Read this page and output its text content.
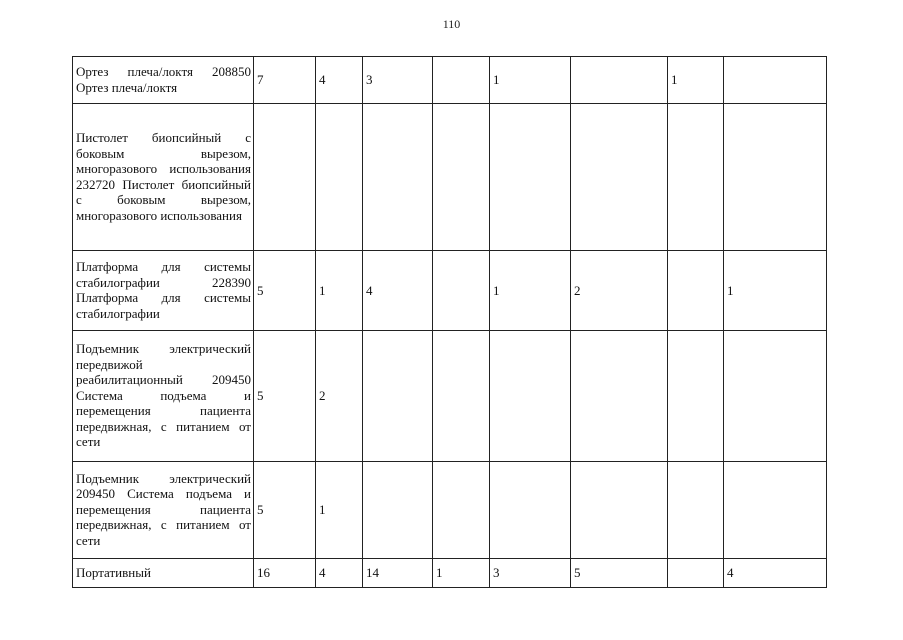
110
Ортез плеча/локтя 208850 Ортез плеча/локтя	7	4	3		1		1	
Пистолет биопсийный с боковым вырезом, многоразового использования 232720 Пистолет биопсийный с боковым вырезом, многоразового использования								
Платформа для системы стабилографии 228390 Платформа для системы стабилографии	5	1	4		1	2		1
Подъемник электрический передвижой реабилитационный 209450 Система подъема и перемещения пациента передвижная, с питанием от сети	5	2						
Подъемник электрический 209450 Система подъема и перемещения пациента передвижная, с питанием от сети	5	1						
Портативный	16	4	14	1	3	5		4
